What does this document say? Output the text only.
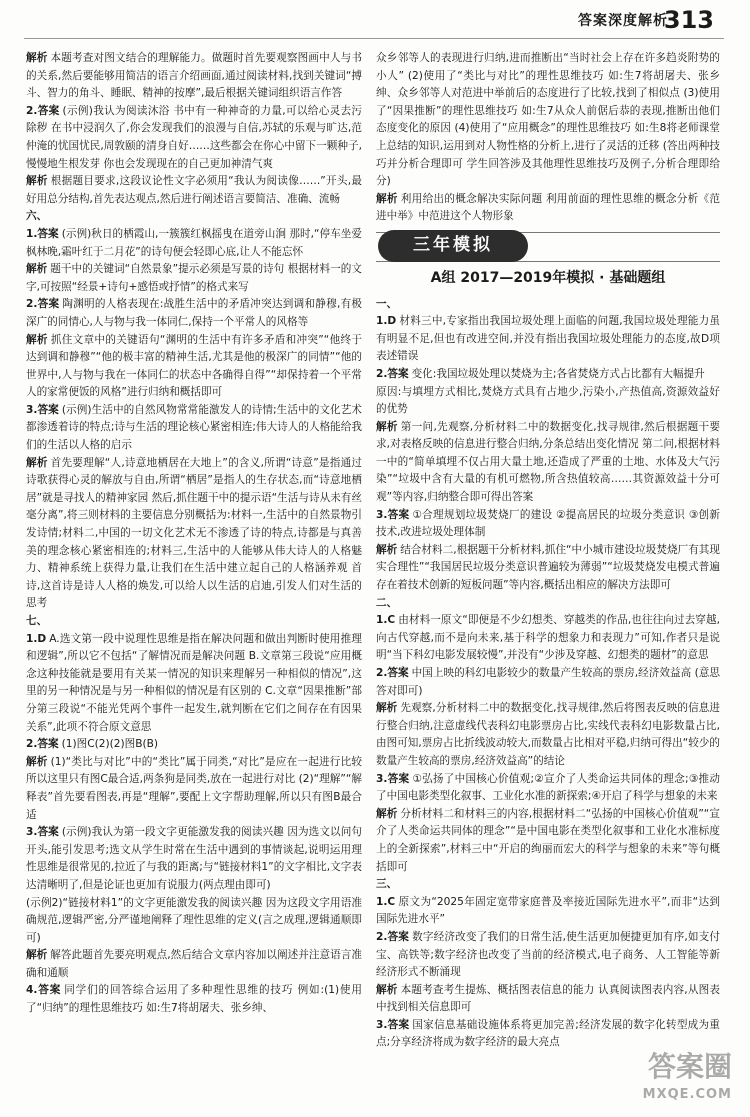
答案深度解析
313

解析 本题考查对图文结合的理解能力。做题时首先要观察图画中人与书的关系,然后要能够用简洁的语言介绍画面,通过阅读材料,找到关键词“搏斗、智力的角斗、睡眠、精神的按摩”,最后根据关键词组织语言作答

2.答案 (示例)我认为阅读沐浴 书中有一种神奇的力量,可以给心灵去污除秽 在书中浸润久了,你会发现我们的浪漫与自信,苏轼的乐观与旷达,范仲淹的忧国忧民,周敦颐的清身自好……这些都会在你心中留下一颗种子,慢慢地生根发芽 你也会发现现在的自己更加神清气爽

解析 根据题目要求,这段议论性文字必须用“我认为阅读像……”开头,最好用总分结构,首先表达观点,然后进行阐述语言要简洁、准确、流畅

六、

1.答案 (示例)秋日的栖霞山,一簇簇红枫摇曳在道旁山涧 那时,“停车坐爱枫林晚,霜叶红于二月花”的诗句便会轻即心底,让人不能忘怀

解析 题干中的关键词“自然景象”提示必须是写景的诗句 根据材料一的文字,可按照“经景+诗句+感悟或抒情”的格式来写

2.答案 陶渊明的人格表现在:战胜生活中的矛盾冲突达到调和静穆,有极深广的同情心,人与物与我一体同仁,保持一个平常人的风格等

解析 抓住文章中的关键语句“渊明的生活中有许多矛盾和冲突”“他终于达到调和静穆”“他的极丰富的精神生活,尤其是他的极深广的同情”“他的世界中,人与物与我在一体同仁的状态中各确得自得”“却保持着一个平常人的家常便饭的风格”进行归纳和概括即可

3.答案 (示例)生活中的自然风物常常能激发人的诗情;生活中的文化艺术都渗透着诗的特点;诗与生活的理论核心紧密相连;伟大诗人的人格能给我们的生活以人格的启示

解析 首先要理解“人,诗意地栖居在大地上”的含义,所谓“诗意”是指通过诗歌获得心灵的解放与自由,所谓“栖居”是指人的生存状态,而“诗意地栖居”就是寻找人的精神家园 然后,抓住题干中的提示语“生活与诗从未有丝毫分离”,将三则材料的主要信息分别概括为:材料一,生活中的自然景物引发诗情;材料二,中国的一切文化艺术无不渗透了诗的特点,诗都是与真善美的理念核心紧密相连的;材料三,生活中的人能够从伟大诗人的人格魅力、精神系统上获得力量,让我们在生活中建立起自己的人格涵养观 首诗,这首诗是诗人人格的焕发,可以给人以生活的启迪,引发人们对生活的思考

七、

1.D A.选文第一段中说理性思维是指在解决问题和做出判断时使用推理和逻辑”,所以它不包括“了解情况而是解决问题 B.文章第三段说“应用概念这种技能就是要用有关某一情况的知识来理解另一种相似的情况”,这里的另一种情况是与另一种相似的情况是有区别的 C.文章“因果推断”部分第三段说“不能光凭两个事件一起发生,就判断在它们之间存在有因果关系”,此项不符合原文意思

2.答案 (1)图C(2)(2)图B(B)

解析 (1)“类比与对比”中的“类比”属于同类,“对比”是应在一起进行比较 所以这里只有图C最合适,两条狗是同类,放在一起进行对比 (2)“理解”“解释表”首先要看图表,再是“理解”,要配上文字帮助理解,所以只有图B最合适

3.答案 (示例)我认为第一段文字更能激发我的阅读兴趣 因为选文以问句开头,能引发思考;选文从学生时常在生活中遇到的事情谈起,说明运用理性思维是很常见的,拉近了与我的距离;与“链接材料1”的文字相比,文字表达清晰明了,但是论证也更加有说服力(两点理由即可)

(示例2)“链接材料1”的文字更能激发我的阅读兴趣 因为这段文字用语准确规范,逻辑严密,分严谨地阐释了理性思维的定义(言之成理,逻辑通顺即可)

解析 解答此题首先要亮明观点,然后结合文章内容加以阐述并注意语言准确和通顺

4.答案 同学们的回答综合运用了多种理性思维的技巧 例如:(1)使用了“归纳”的理性思维技巧 如:生7将胡屠夫、张乡绅、

众乡邻等人的表现进行归纳,进而推断出“当时社会上存在许多趋炎附势的小人” (2)使用了“类比与对比”的理性思维技巧 如:生7将胡屠夫、张乡绅、众乡邻等人对范进中举前后的态度进行了比较,找到了相似点 (3)使用了“因果推断”的理性思维技巧 如:生7从众人前倨后恭的表现,推断出他们态度变化的原因 (4)使用了“应用概念”的理性思维技巧 如:生8将老师课堂上总结的知识,运用到对人物性格的分析上,进行了灵活的迁移 (答出两种技巧并分析合理即可 学生回答涉及其他理性思维技巧及例子,分析合理即给分)

解析 利用给出的概念解决实际问题 利用前面的理性思维的概念分析《范进中举》中范进这个人物形象

三年模拟
A组 2017—2019年模拟 · 基础题组

一、

1.D 材料三中,专家指出我国垃圾处理上面临的问题,我国垃圾处理能力虽有明显不足,但也有改进空间,并没有指出我国垃圾处理能力的态度,故D项表述错误

2.答案 变化:我国垃圾处理以焚烧为主;各省焚烧方式占比都有大幅提升

原因:与填埋方式相比,焚烧方式具有占地少,污染小,产热值高,资源效益好的优势

解析 第一问,先观察,分析材料二中的数据变化,找寻规律,然后根据题干要求,对表格反映的信息进行整合归纳,分条总结出变化情况 第二问,根据材料一中的“简单填埋不仅占用大量土地,还造成了严重的土地、水体及大气污染”“垃圾中含有大量的有机可燃物,所含热值较高……其资源效益十分可观”等内容,归纳整合即可得出答案

3.答案 ①合理规划垃圾焚烧厂的建设 ②提高居民的垃圾分类意识 ③创新技术,改进垃圾处理体制

解析 结合材料二,根据题干分析材料,抓住“中小城市建设垃圾焚烧厂有其现实合理性”“我国居民垃圾分类意识普遍较为薄弱”“垃圾焚烧发电模式普遍存在着技术创新的短板问题”等内容,概括出相应的解决方法即可

二、

1.C 由材料一原文“即便是不少幻想类、穿越类的作品,也往往向过去穿越,向古代穿越,而不是向未来,基于科学的想象力和表现力”可知,作者只是说明“当下科幻电影发展较慢”,并没有“少涉及穿越、幻想类的题材”的意思

2.答案 中国上映的科幻电影较少的数量产生较高的票房,经济效益高 (意思答对即可)

解析 先观察,分析材料二中的数据变化,找寻规律,然后将图表反映的信息进行整合归纳,注意虚线代表科幻电影票房占比,实线代表科幻电影数量占比,由图可知,票房占比折线波动较大,而数量占比相对平稳,归纳可得出“较少的数量产生较高的票房,经济效益高”的结论

3.答案 ①弘扬了中国核心价值观;②宣介了人类命运共同体的理念;③推动了中国电影类型化叙事、工业化水准的新探索;④开启了科学与想象的未来

解析 分析材料二和材料三的内容,根据材料二“弘扬的中国核心价值观”“宣介了人类命运共同体的理念”“是中国电影在类型化叙事和工业化水准标度上的全新探索”,材料三中“开启的绚丽而宏大的科学与想象的未来”等句概括即可

三、

1.C 原文为“2025年固定宽带家庭普及率接近国际先进水平”,而非“达到国际先进水平”

2.答案 数字经济改变了我们的日常生活,使生活更加便捷更加有序,如支付宝、高铁等;数字经济也改变了当前的经济模式,电子商务、人工智能等新经济形式不断涌现

解析 本题考查考生提炼、概括图表信息的能力 认真阅读图表内容,从图表中找到相关信息即可

3.答案 国家信息基础设施体系将更加完善;经济发展的数字化转型成为重点;分享经济将成为数字经济的最大亮点

答案圈
MXQE.COM
